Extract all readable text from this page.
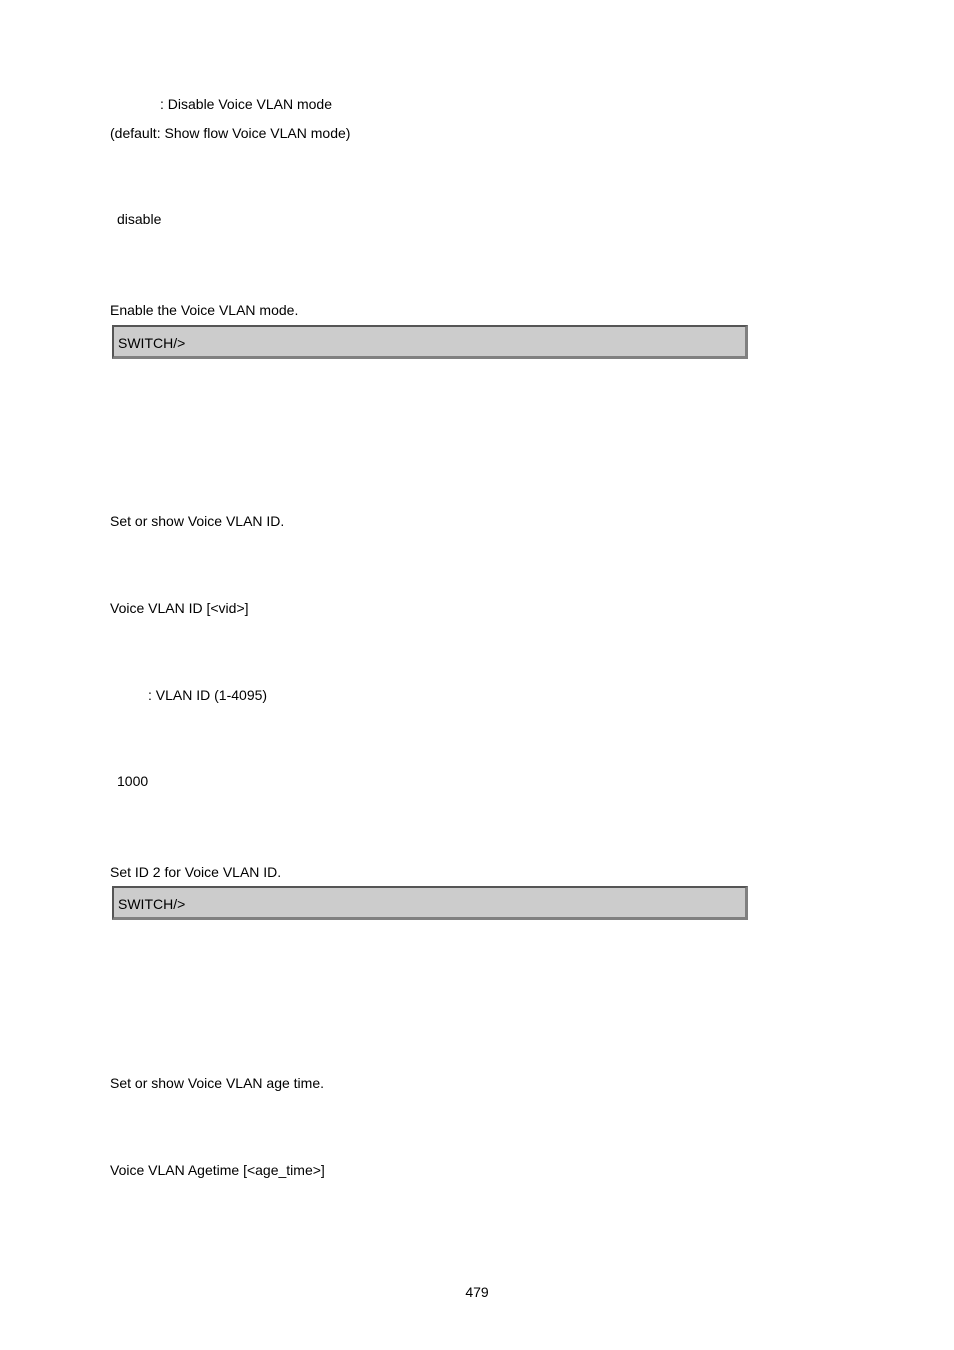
: Disable Voice VLAN mode
(default: Show flow Voice VLAN mode)
disable
Enable the Voice VLAN mode.
SWITCH/>
Set or show Voice VLAN ID.
Voice VLAN ID [<vid>]
: VLAN ID (1-4095)
1000
Set ID 2 for Voice VLAN ID.
SWITCH/>
Set or show Voice VLAN age time.
Voice VLAN Agetime [<age_time>]
479
